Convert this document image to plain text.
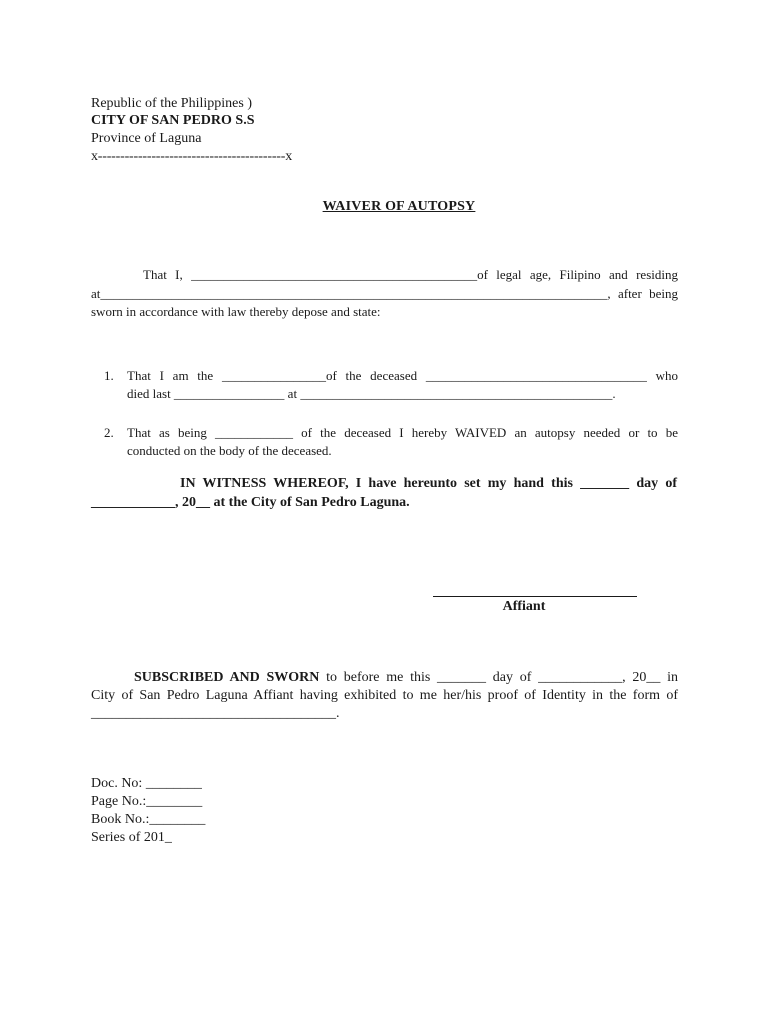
Republic of the Philippines )
CITY OF SAN PEDRO S.S
Province of Laguna
x------------------------------------------x
WAIVER OF AUTOPSY
That I, ____________________________________________of legal age, Filipino and residing
at______________________________________________________________________________, after being
sworn in accordance with law thereby depose and state:
1. That I am the ________________of the deceased __________________________________ who
died last _________________ at ________________________________________________.
2. That as being ____________ of the deceased I hereby WAIVED an autopsy needed or to be
conducted on the body of the deceased.
IN WITNESS WHEREOF, I have hereunto set my hand this _______ day of
____________, 20__ at the City of San Pedro Laguna.
Affiant
SUBSCRIBED AND SWORN to before me this _______ day of ____________, 20__ in
City of San Pedro Laguna Affiant having exhibited to me her/his proof of Identity in the form of
___________________________________.
Doc. No: ________
Page No.:________
Book No.:________
Series of 201_
